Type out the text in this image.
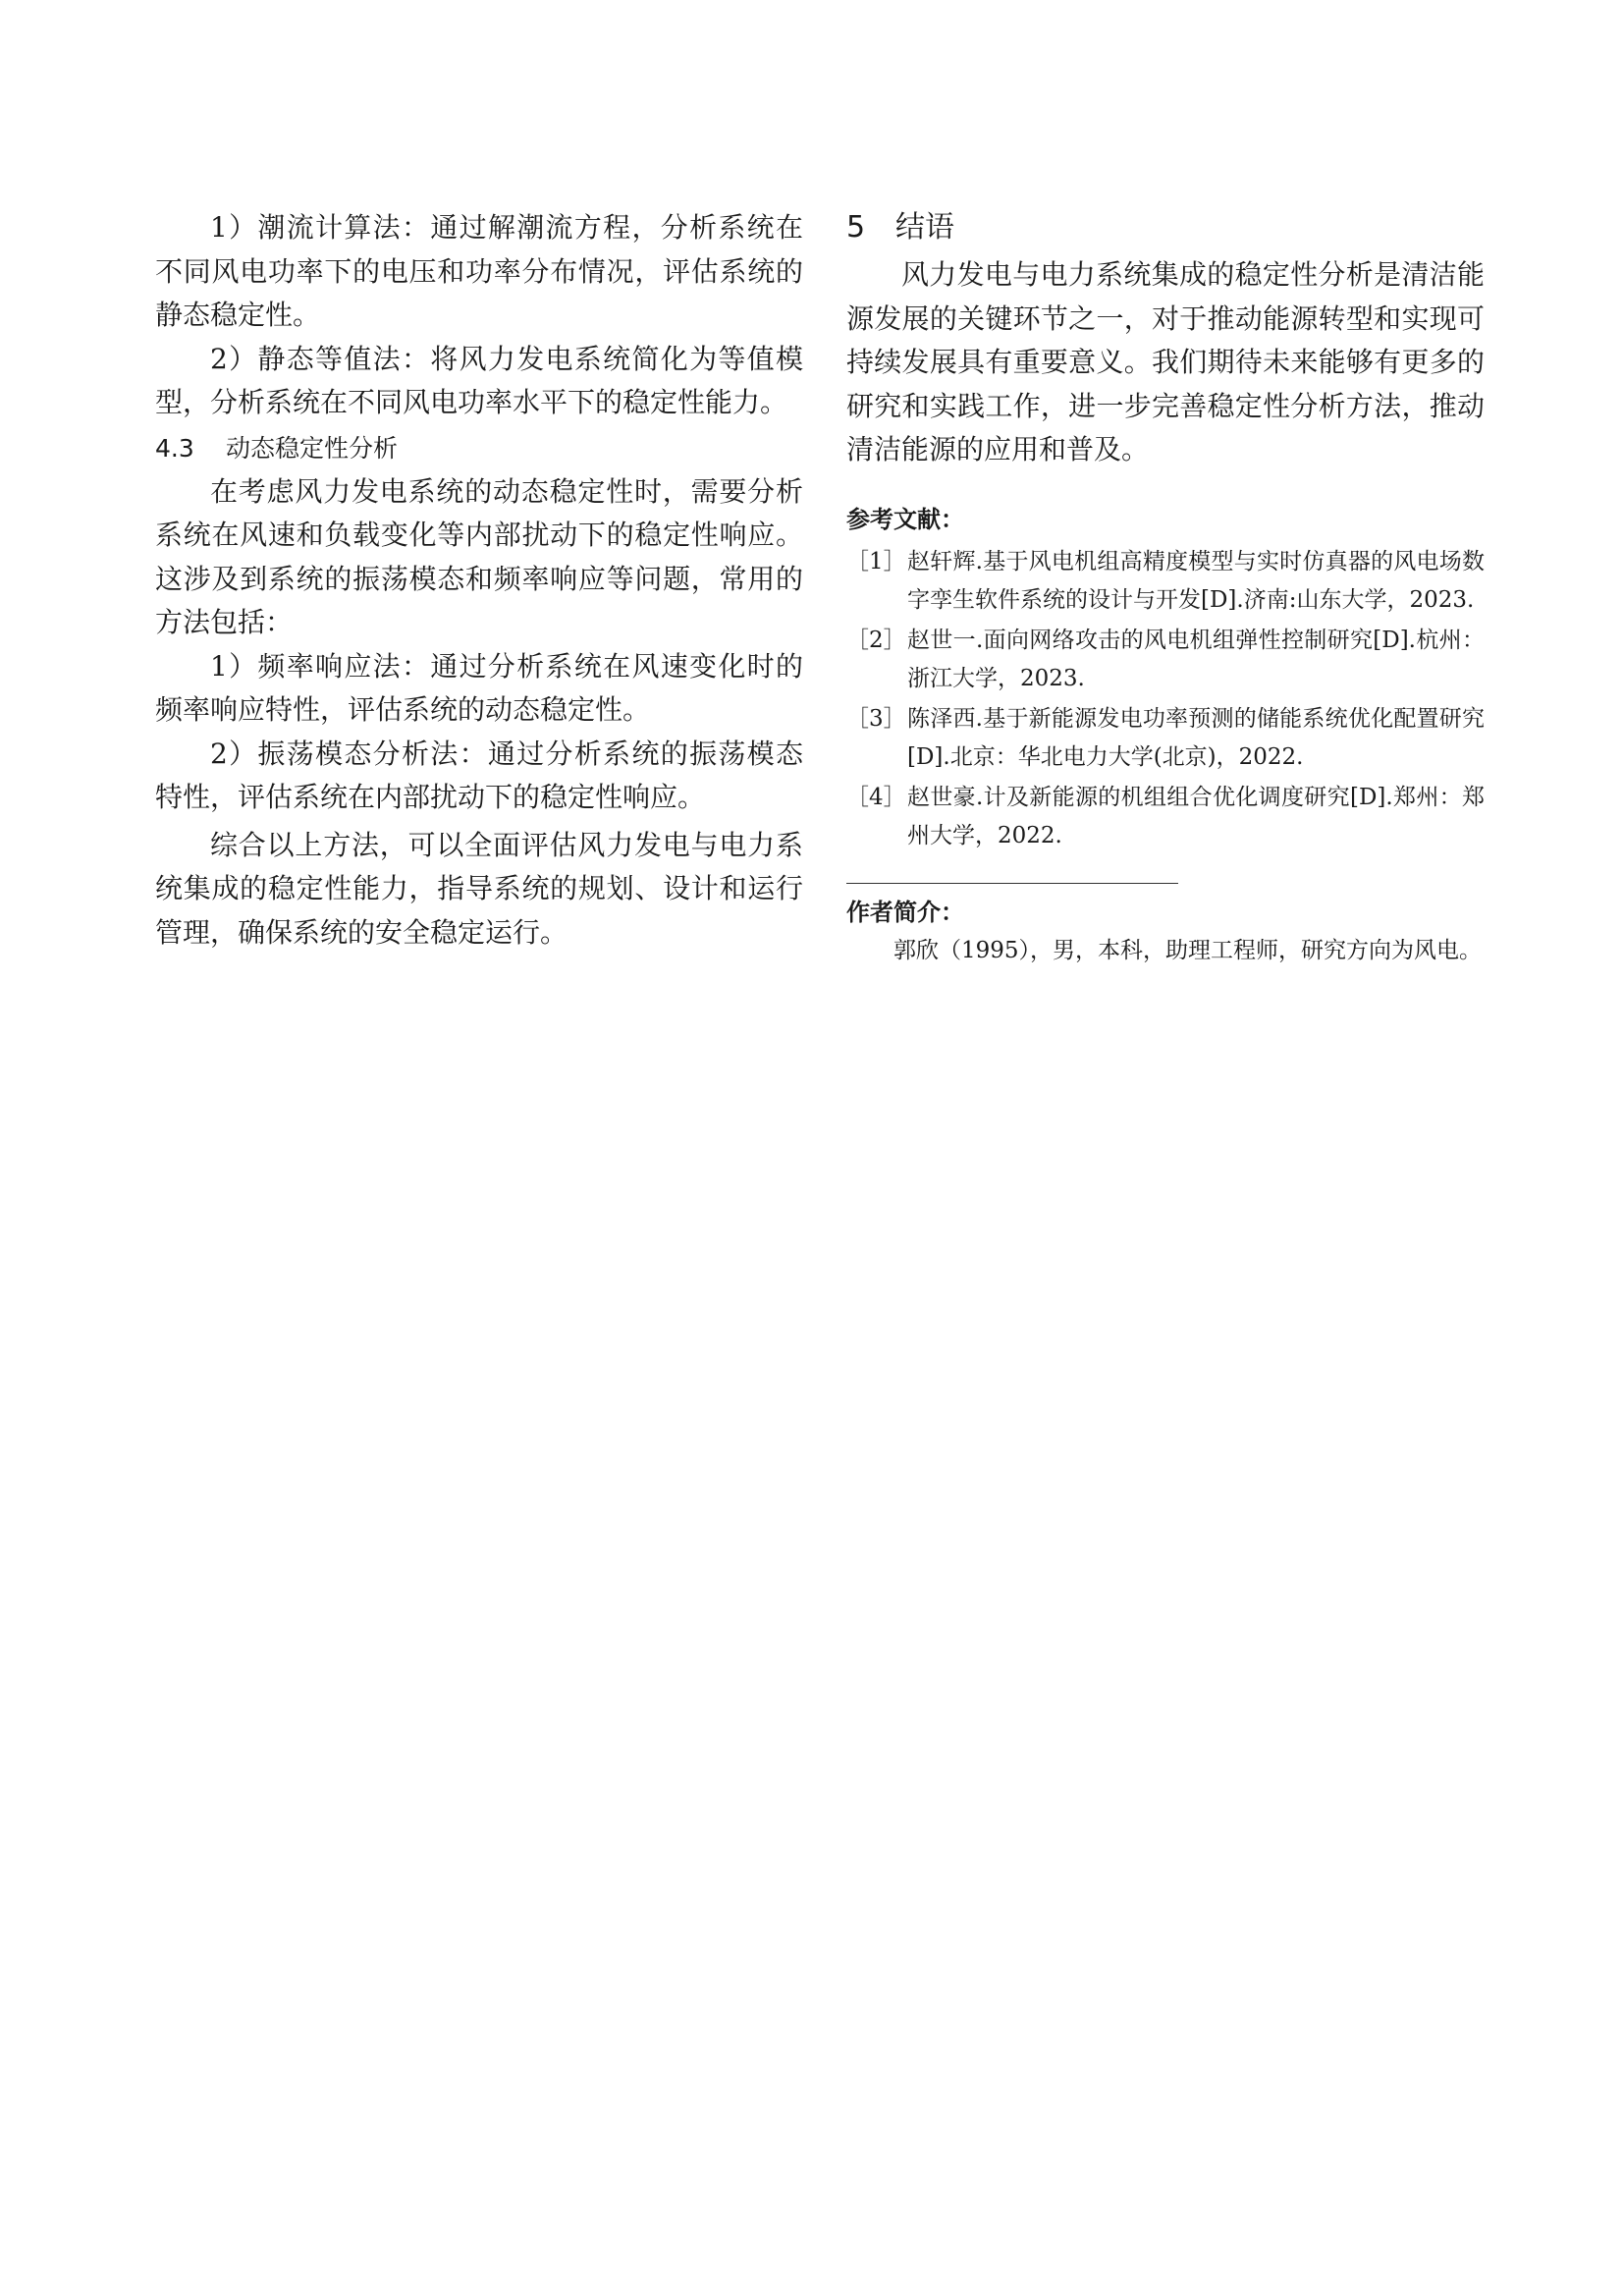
1）潮流计算法：通过解潮流方程，分析系统在不同风电功率下的电压和功率分布情况，评估系统的静态稳定性。

2）静态等值法：将风力发电系统简化为等值模型，分析系统在不同风电功率水平下的稳定性能力。

4.3 动态稳定性分析

在考虑风力发电系统的动态稳定性时，需要分析系统在风速和负载变化等内部扰动下的稳定性响应。这涉及到系统的振荡模态和频率响应等问题，常用的方法包括：

1）频率响应法：通过分析系统在风速变化时的频率响应特性，评估系统的动态稳定性。

2）振荡模态分析法：通过分析系统的振荡模态特性，评估系统在内部扰动下的稳定性响应。

综合以上方法，可以全面评估风力发电与电力系统集成的稳定性能力，指导系统的规划、设计和运行管理，确保系统的安全稳定运行。

5 结语

风力发电与电力系统集成的稳定性分析是清洁能源发展的关键环节之一，对于推动能源转型和实现可持续发展具有重要意义。我们期待未来能够有更多的研究和实践工作，进一步完善稳定性分析方法，推动清洁能源的应用和普及。

参考文献：
［1］ 赵轩辉.基于风电机组高精度模型与实时仿真器的风电场数字孪生软件系统的设计与开发[D].济南:山东大学，2023.
［2］ 赵世一.面向网络攻击的风电机组弹性控制研究[D].杭州：浙江大学，2023.
［3］ 陈泽西.基于新能源发电功率预测的储能系统优化配置研究[D].北京：华北电力大学(北京)，2022.
［4］ 赵世豪.计及新能源的机组组合优化调度研究[D].郑州：郑州大学，2022.
作者简介：

郭欣（1995），男，本科，助理工程师，研究方向为风电。
